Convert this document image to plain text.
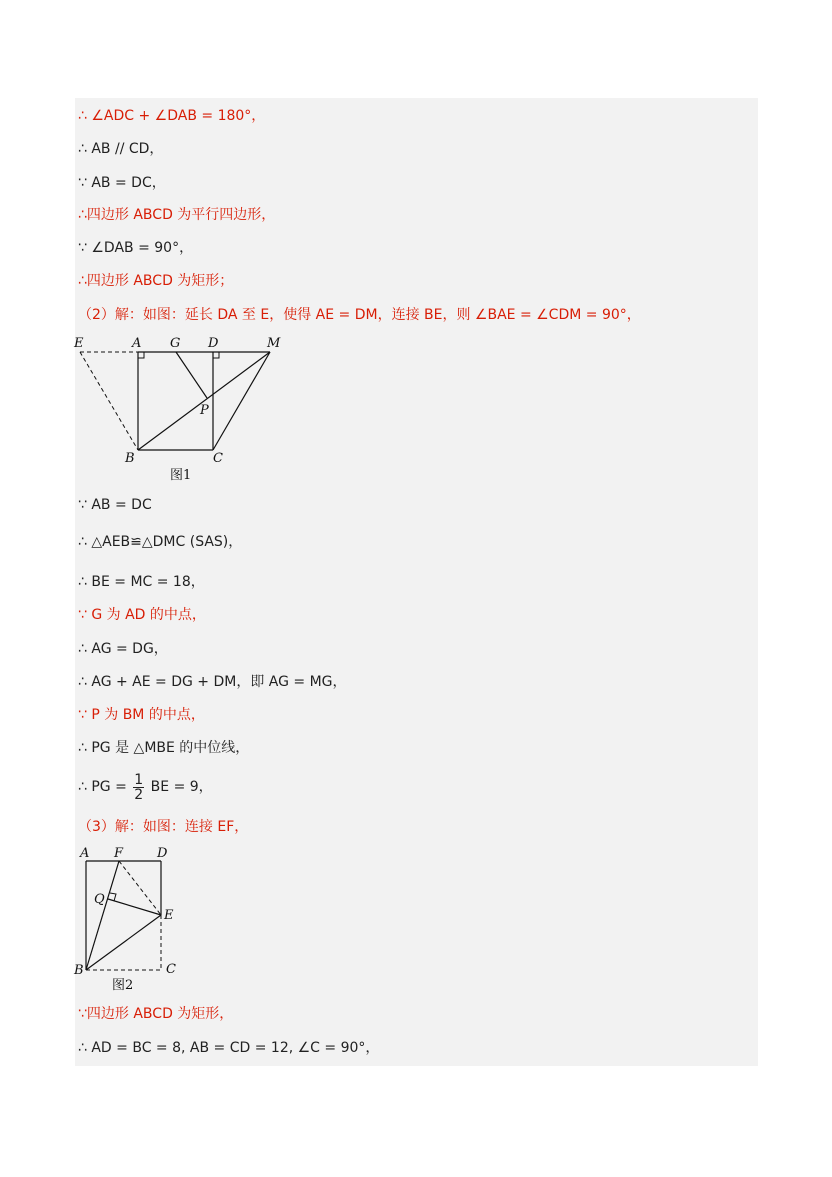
∴ ∠ADC + ∠DAB = 180°，
∴ AB // CD，
∵ AB = DC，
∴四边形 ABCD 为平行四边形，
∵ ∠DAB = 90°，
∴四边形 ABCD 为矩形；
（2）解：如图：延长 DA 至 E，使得 AE = DM，连接 BE，则 ∠BAE = ∠CDM = 90°，
E	A G D	M
P
B	C
图1
∵ AB = DC
∴ △AEB≌△DMC (SAS)，
∴ BE = MC = 18，
∵ G 为 AD 的中点，
∴ AG = DG，
∴ AG + AE = DG + DM，即 AG = MG，
∵ P 为 BM 的中点，
∴ PG 是 △MBE 的中位线，
∴ PG = $\frac{1}{2}$ BE = 9，
（3）解：如图：连接 EF，
A F	D
Q
E
B	C
图2
∵四边形 ABCD 为矩形，
∴ AD = BC = 8, AB = CD = 12, ∠C = 90°，
